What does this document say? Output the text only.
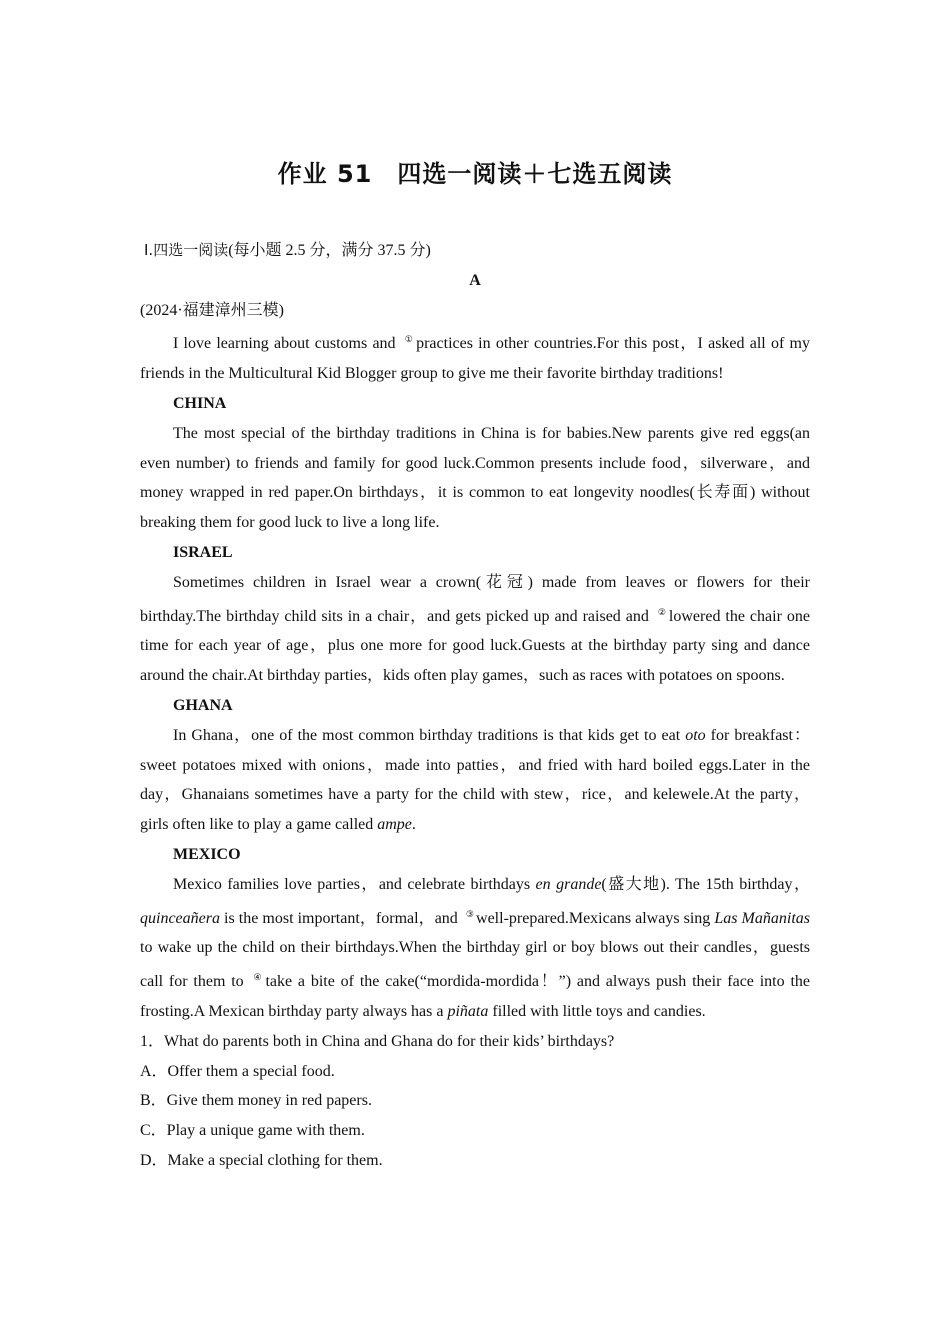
作业 51　四选一阅读＋七选五阅读

Ⅰ.四选一阅读(每小题 2.5 分，满分 37.5 分)

A

(2024·福建漳州三模)

I love learning about customs and ① practices in other countries.For this post，I asked all of my friends in the Multicultural Kid Blogger group to give me their favorite birthday traditions!

CHINA

The most special of the birthday traditions in China is for babies.New parents give red eggs(an even number) to friends and family for good luck.Common presents include food，silverware，and money wrapped in red paper.On birthdays，it is common to eat longevity noodles(长寿面) without breaking them for good luck to live a long life.

ISRAEL

Sometimes children in Israel wear a crown(花冠) made from leaves or flowers for their birthday.The birthday child sits in a chair，and gets picked up and raised and ② lowered the chair one time for each year of age，plus one more for good luck.Guests at the birthday party sing and dance around the chair.At birthday parties，kids often play games，such as races with potatoes on spoons.

GHANA

In Ghana，one of the most common birthday traditions is that kids get to eat oto for breakfast：sweet potatoes mixed with onions，made into patties，and fried with hard boiled eggs.Later in the day，Ghanaians sometimes have a party for the child with stew，rice，and kelewele.At the party，girls often like to play a game called ampe.

MEXICO

Mexico families love parties，and celebrate birthdays en grande(盛大地). The 15th birthday，quinceañera is the most important，formal，and ③ well-prepared.Mexicans always sing Las Mañanitas to wake up the child on their birthdays.When the birthday girl or boy blows out their candles，guests call for them to ④ take a bite of the cake(“mordida-mordida！”) and always push their face into the frosting.A Mexican birthday party always has a piñata filled with little toys and candies.

1．What do parents both in China and Ghana do for their kids’ birthdays?

A．Offer them a special food.

B．Give them money in red papers.

C．Play a unique game with them.

D．Make a special clothing for them.
